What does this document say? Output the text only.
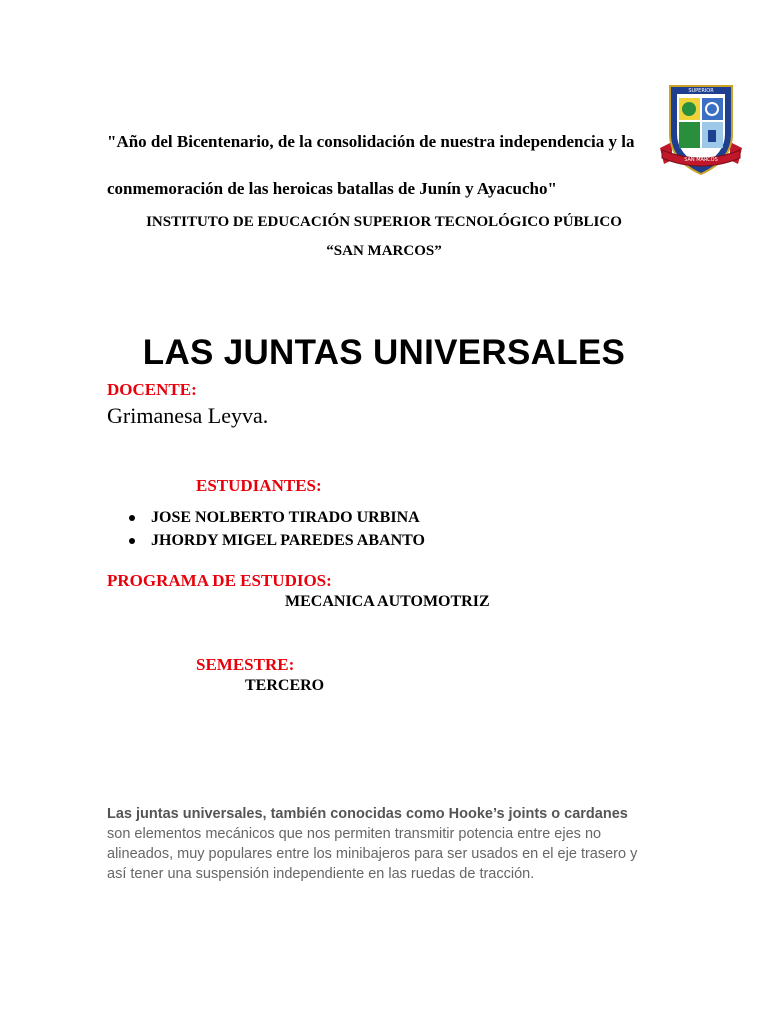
"Año del Bicentenario, de la consolidación de nuestra independencia y la
conmemoración de las heroicas batallas de Junín y Ayacucho"
SUPERIOR
SAN MARCOS
INSTITUTO DE EDUCACIÓN SUPERIOR TECNOLÓGICO PÚBLICO
“SAN MARCOS”
LAS JUNTAS UNIVERSALES
DOCENTE:
Grimanesa Leyva.
ESTUDIANTES:
JOSE NOLBERTO TIRADO URBINA
JHORDY MIGEL PAREDES ABANTO
PROGRAMA DE ESTUDIOS:
MECANICA AUTOMOTRIZ
SEMESTRE:
TERCERO
Las juntas universales, también conocidas como Hooke’s joints o cardanes son elementos mecánicos que nos permiten transmitir potencia entre ejes no alineados, muy populares entre los minibajeros para ser usados en el eje trasero y así tener una suspensión independiente en las ruedas de tracción.
